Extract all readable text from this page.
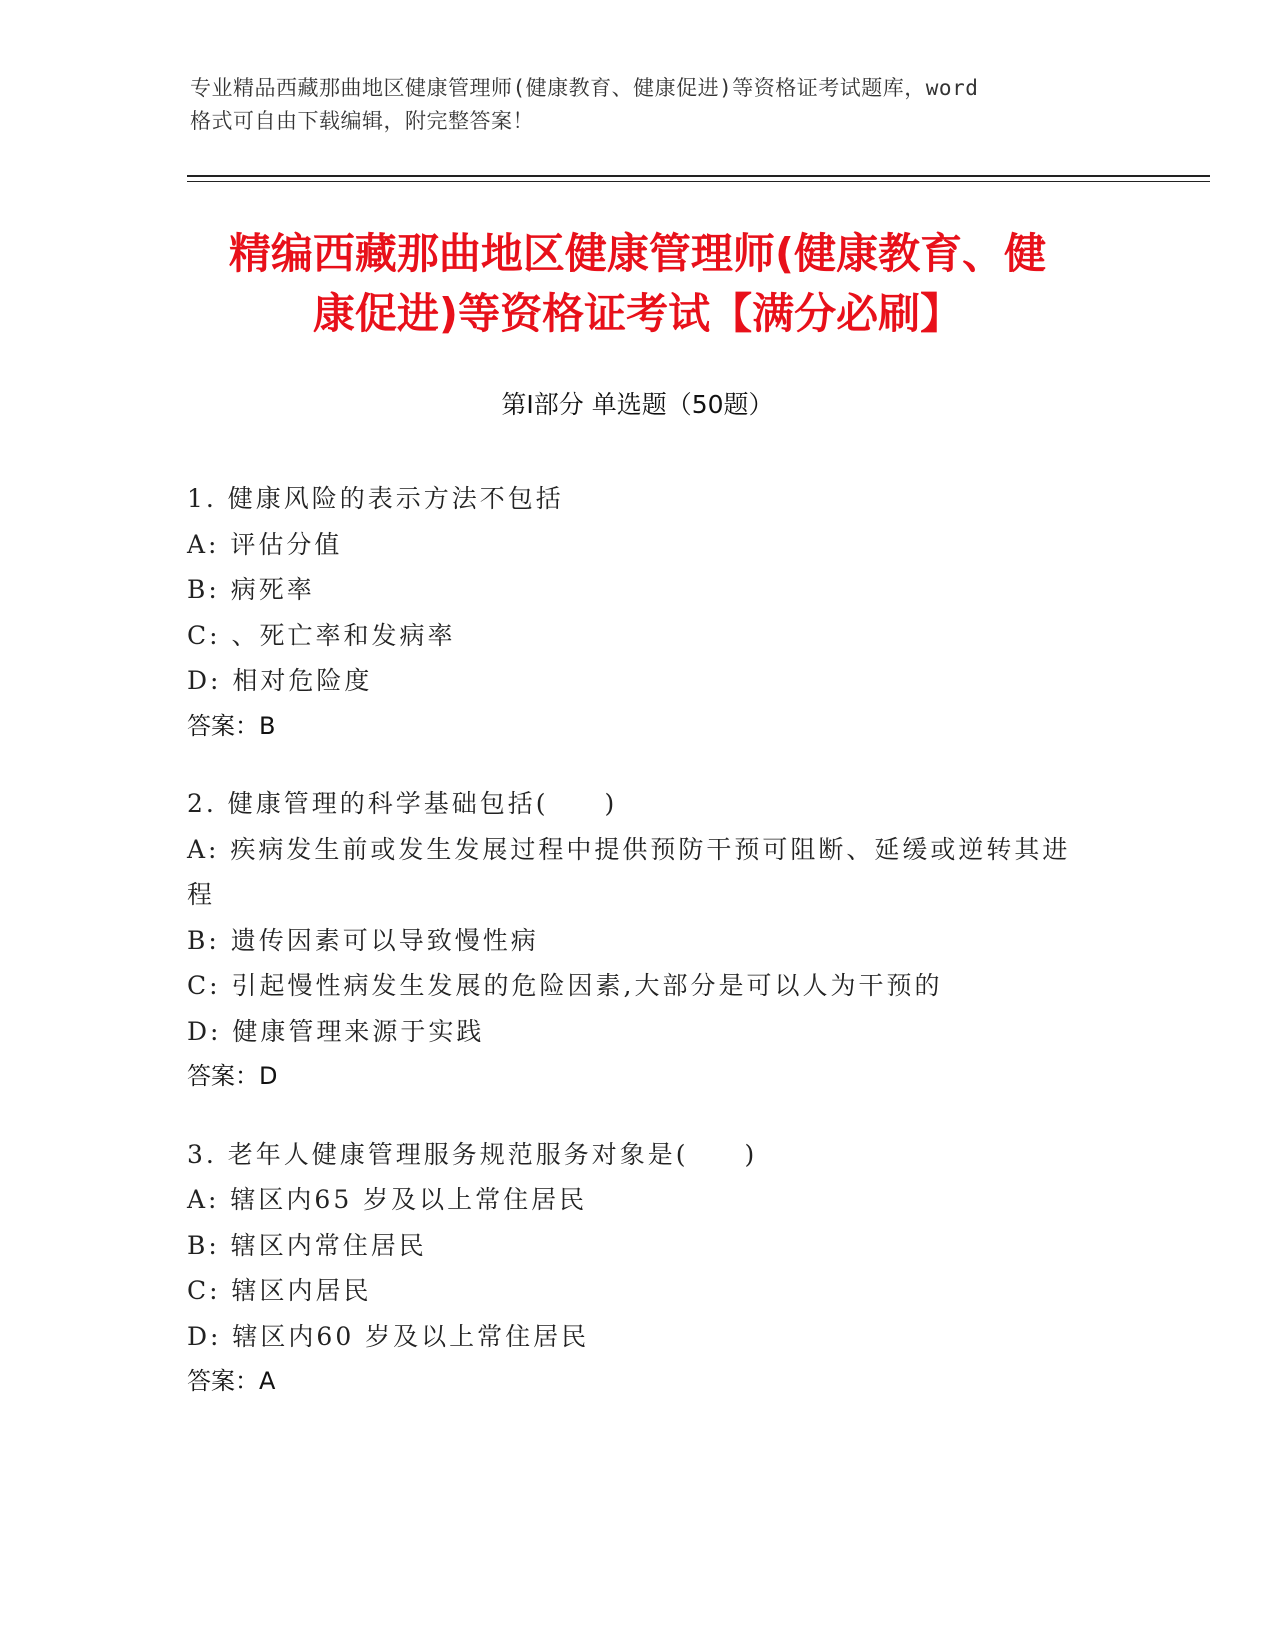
专业精品西藏那曲地区健康管理师(健康教育、健康促进)等资格证考试题库，word
格式可自由下载编辑，附完整答案！
精编西藏那曲地区健康管理师(健康教育、健
康促进)等资格证考试【满分必刷】
第Ⅰ部分 单选题（50题）
1. 健康风险的表示方法不包括
A: 评估分值
B: 病死率
C: 、死亡率和发病率
D: 相对危险度
答案：B
2. 健康管理的科学基础包括(　　)
A: 疾病发生前或发生发展过程中提供预防干预可阻断、延缓或逆转其进程
B: 遗传因素可以导致慢性病
C: 引起慢性病发生发展的危险因素,大部分是可以人为干预的
D: 健康管理来源于实践
答案：D
3. 老年人健康管理服务规范服务对象是(　　)
A: 辖区内65 岁及以上常住居民
B: 辖区内常住居民
C: 辖区内居民
D: 辖区内60 岁及以上常住居民
答案：A
